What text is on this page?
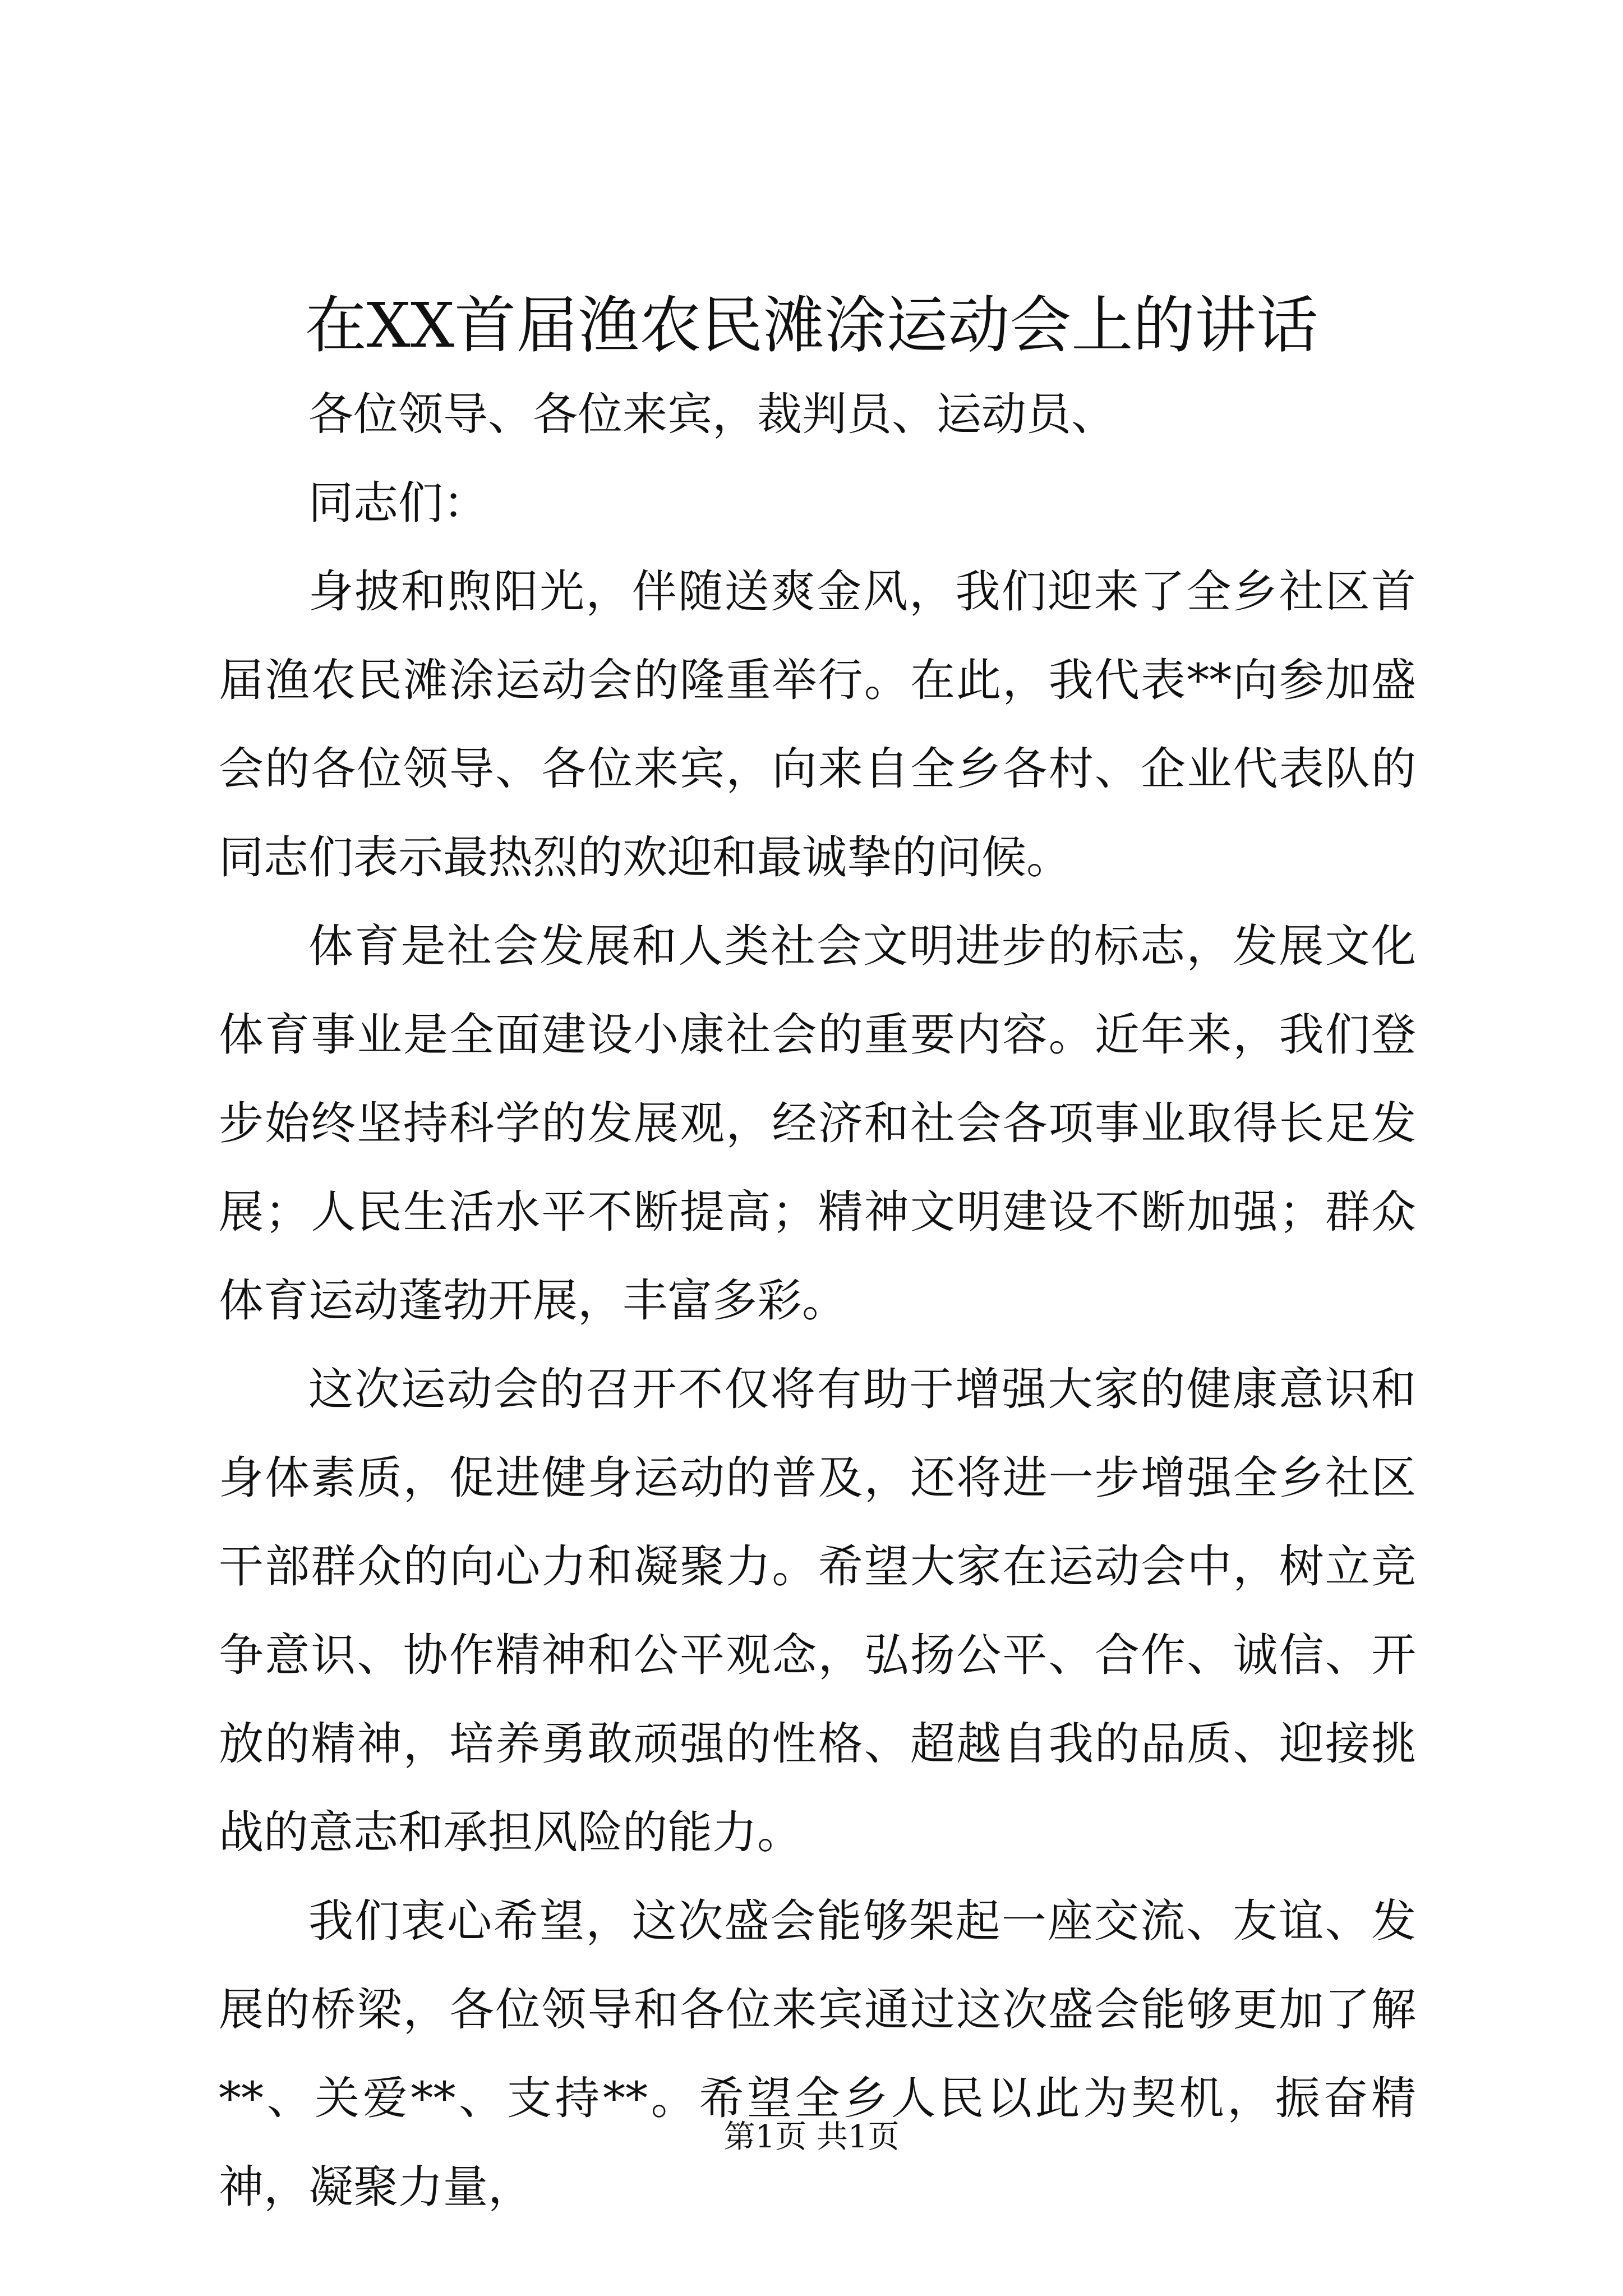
在XX首届渔农民滩涂运动会上的讲话

各位领导、各位来宾，裁判员、运动员、

同志们：

身披和煦阳光，伴随送爽金风，我们迎来了全乡社区首届渔农民滩涂运动会的隆重举行。在此，我代表**向参加盛会的各位领导、各位来宾，向来自全乡各村、企业代表队的同志们表示最热烈的欢迎和最诚挚的问候。

体育是社会发展和人类社会文明进步的标志，发展文化体育事业是全面建设小康社会的重要内容。近年来，我们登步始终坚持科学的发展观，经济和社会各项事业取得长足发展；人民生活水平不断提高；精神文明建设不断加强；群众体育运动蓬勃开展，丰富多彩。

这次运动会的召开不仅将有助于增强大家的健康意识和身体素质，促进健身运动的普及，还将进一步增强全乡社区干部群众的向心力和凝聚力。希望大家在运动会中，树立竞争意识、协作精神和公平观念，弘扬公平、合作、诚信、开放的精神，培养勇敢顽强的性格、超越自我的品质、迎接挑战的意志和承担风险的能力。

我们衷心希望，这次盛会能够架起一座交流、友谊、发展的桥梁，各位领导和各位来宾通过这次盛会能够更加了解**、关爱**、支持**。希望全乡人民以此为契机，振奋精神，凝聚力量，

第1页 共1页
